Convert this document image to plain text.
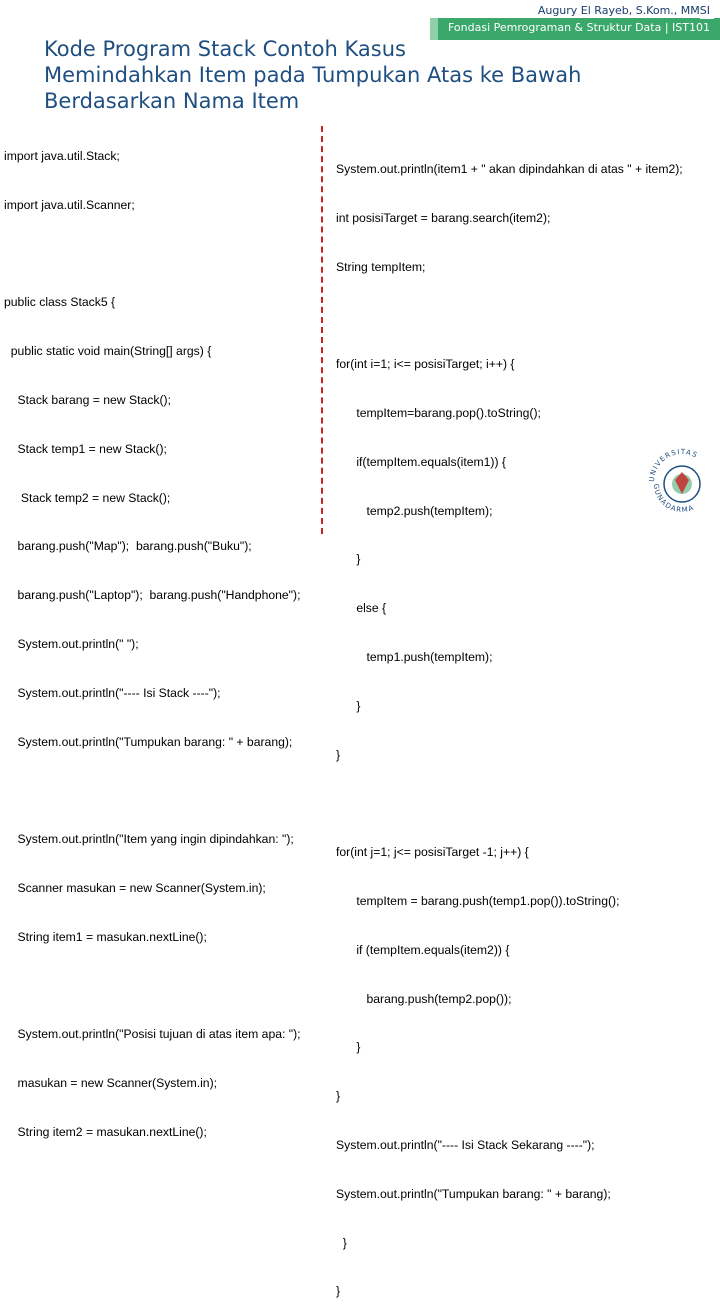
Augury El Rayeb, S.Kom., MMSI
Fondasi Pemrograman & Struktur Data | IST101
Kode Program Stack Contoh Kasus
Memindahkan Item pada Tumpukan Atas ke Bawah
Berdasarkan Nama Item

import java.util.Stack;

import java.util.Scanner;

public class Stack5 {

public static void main(String[] args) {

Stack barang = new Stack();

Stack temp1 = new Stack();

Stack temp2 = new Stack();

barang.push("Map");  barang.push("Buku");

barang.push("Laptop");  barang.push("Handphone");

System.out.println(" ");

System.out.println("---- Isi Stack ----");

System.out.println("Tumpukan barang: " + barang);

System.out.println("Item yang ingin dipindahkan: ");

Scanner masukan = new Scanner(System.in);

String item1 = masukan.nextLine();

System.out.println("Posisi tujuan di atas item apa: ");

masukan = new Scanner(System.in);

String item2 = masukan.nextLine();

System.out.println(item1 + " akan dipindahkan di atas " + item2);

int posisiTarget = barang.search(item2);

String tempItem;

for(int i=1; i<= posisiTarget; i++) {

tempItem=barang.pop().toString();

if(tempItem.equals(item1)) {

temp2.push(tempItem);

}

else {

temp1.push(tempItem);

}

}

for(int j=1; j<= posisiTarget -1; j++) {

tempItem = barang.push(temp1.pop()).toString();

if (tempItem.equals(item2)) {

barang.push(temp2.pop());

}

}

System.out.println("---- Isi Stack Sekarang ----");

System.out.println("Tumpukan barang: " + barang);

}

}

UNIVERSITAS
GUNADARMA
